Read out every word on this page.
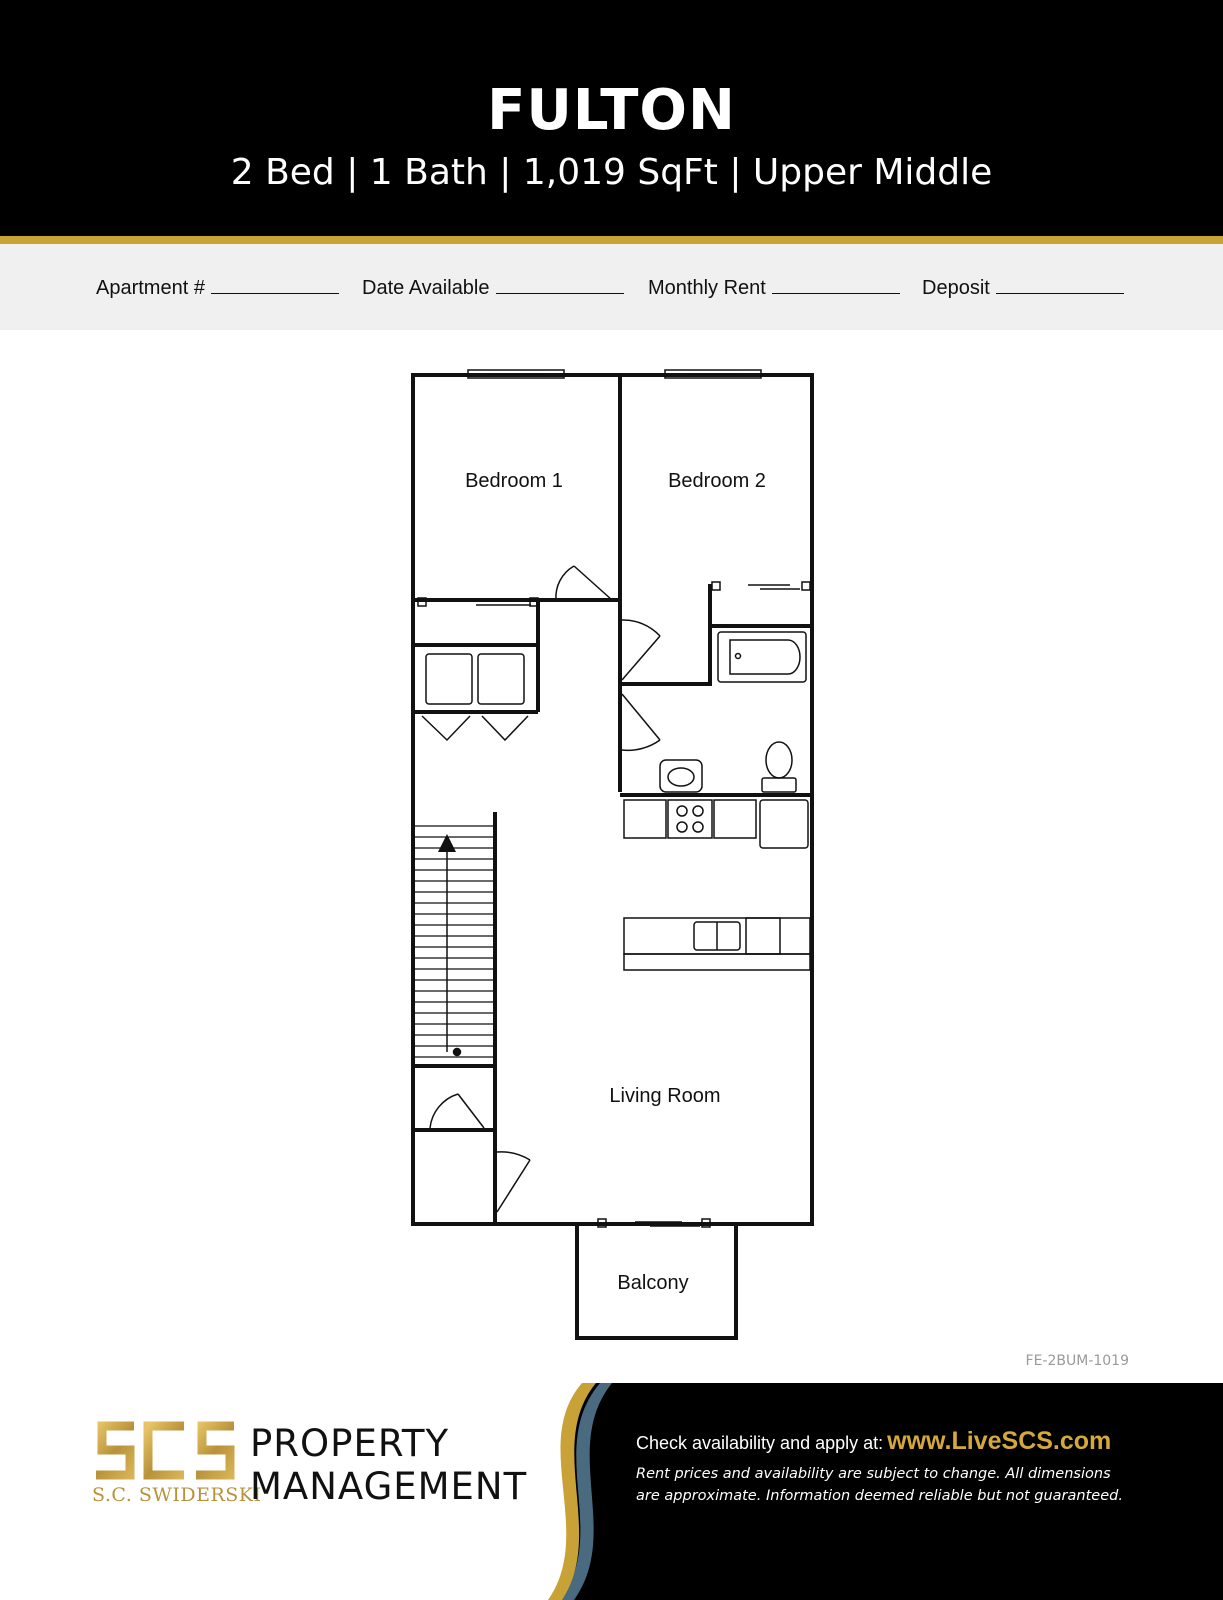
FULTON
2 Bed | 1 Bath | 1,019 SqFt | Upper Middle
Apartment #	Date Available	Monthly Rent	Deposit
Bedroom 1	Bedroom 2
Living Room
Balcony
FE-2BUM-1019
SCS
S.C. SWIDERSKI
PROPERTY
MANAGEMENT
Check availability and apply at: www.LiveSCS.com
Rent prices and availability are subject to change. All dimensions are approximate. Information deemed reliable but not guaranteed.
